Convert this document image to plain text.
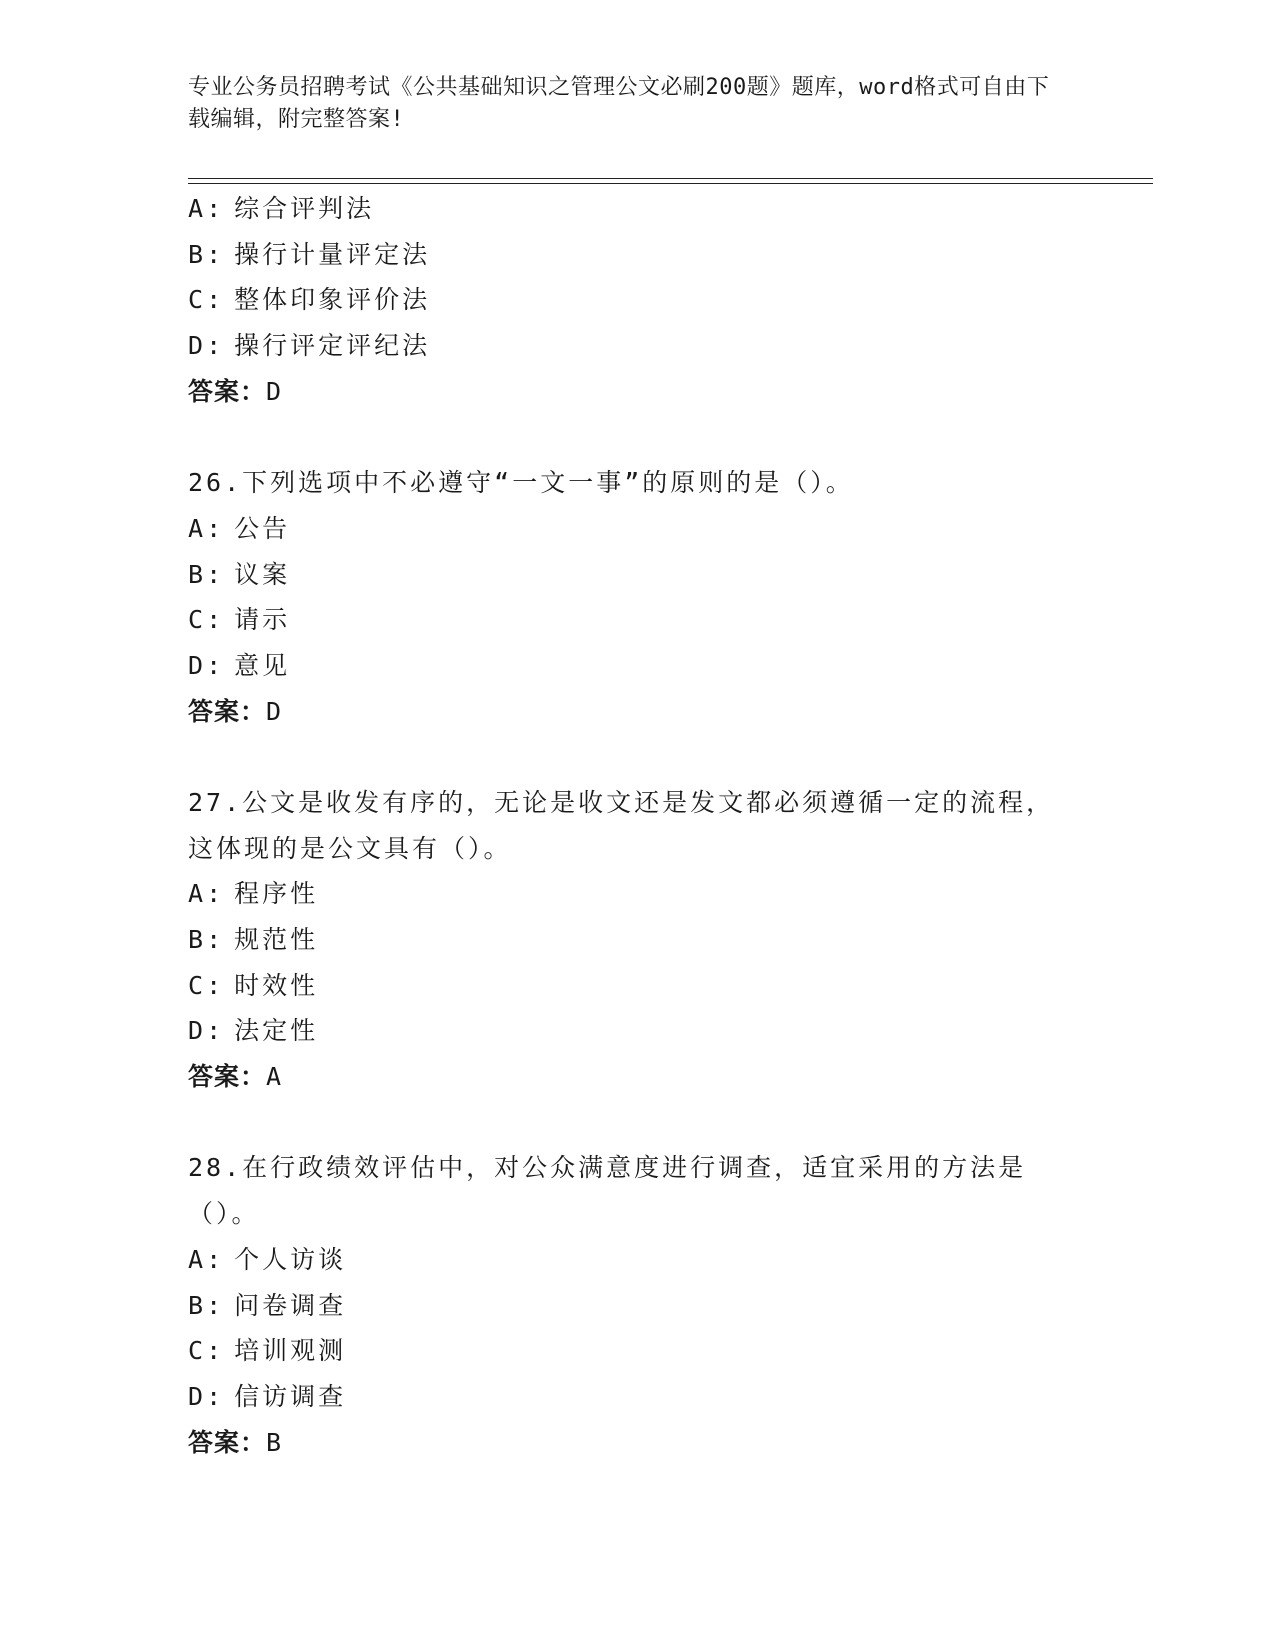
专业公务员招聘考试《公共基础知识之管理公文必刷200题》题库，word格式可自由下载编辑，附完整答案!
A: 综合评判法
B: 操行计量评定法
C: 整体印象评价法
D: 操行评定评纪法
答案：D
26.下列选项中不必遵守“一文一事”的原则的是（）。
A: 公告
B: 议案
C: 请示
D: 意见
答案：D
27.公文是收发有序的，无论是收文还是发文都必须遵循一定的流程，这体现的是公文具有（）。
A: 程序性
B: 规范性
C: 时效性
D: 法定性
答案：A
28.在行政绩效评估中，对公众满意度进行调查，适宜采用的方法是（）。
A: 个人访谈
B: 问卷调查
C: 培训观测
D: 信访调查
答案：B
